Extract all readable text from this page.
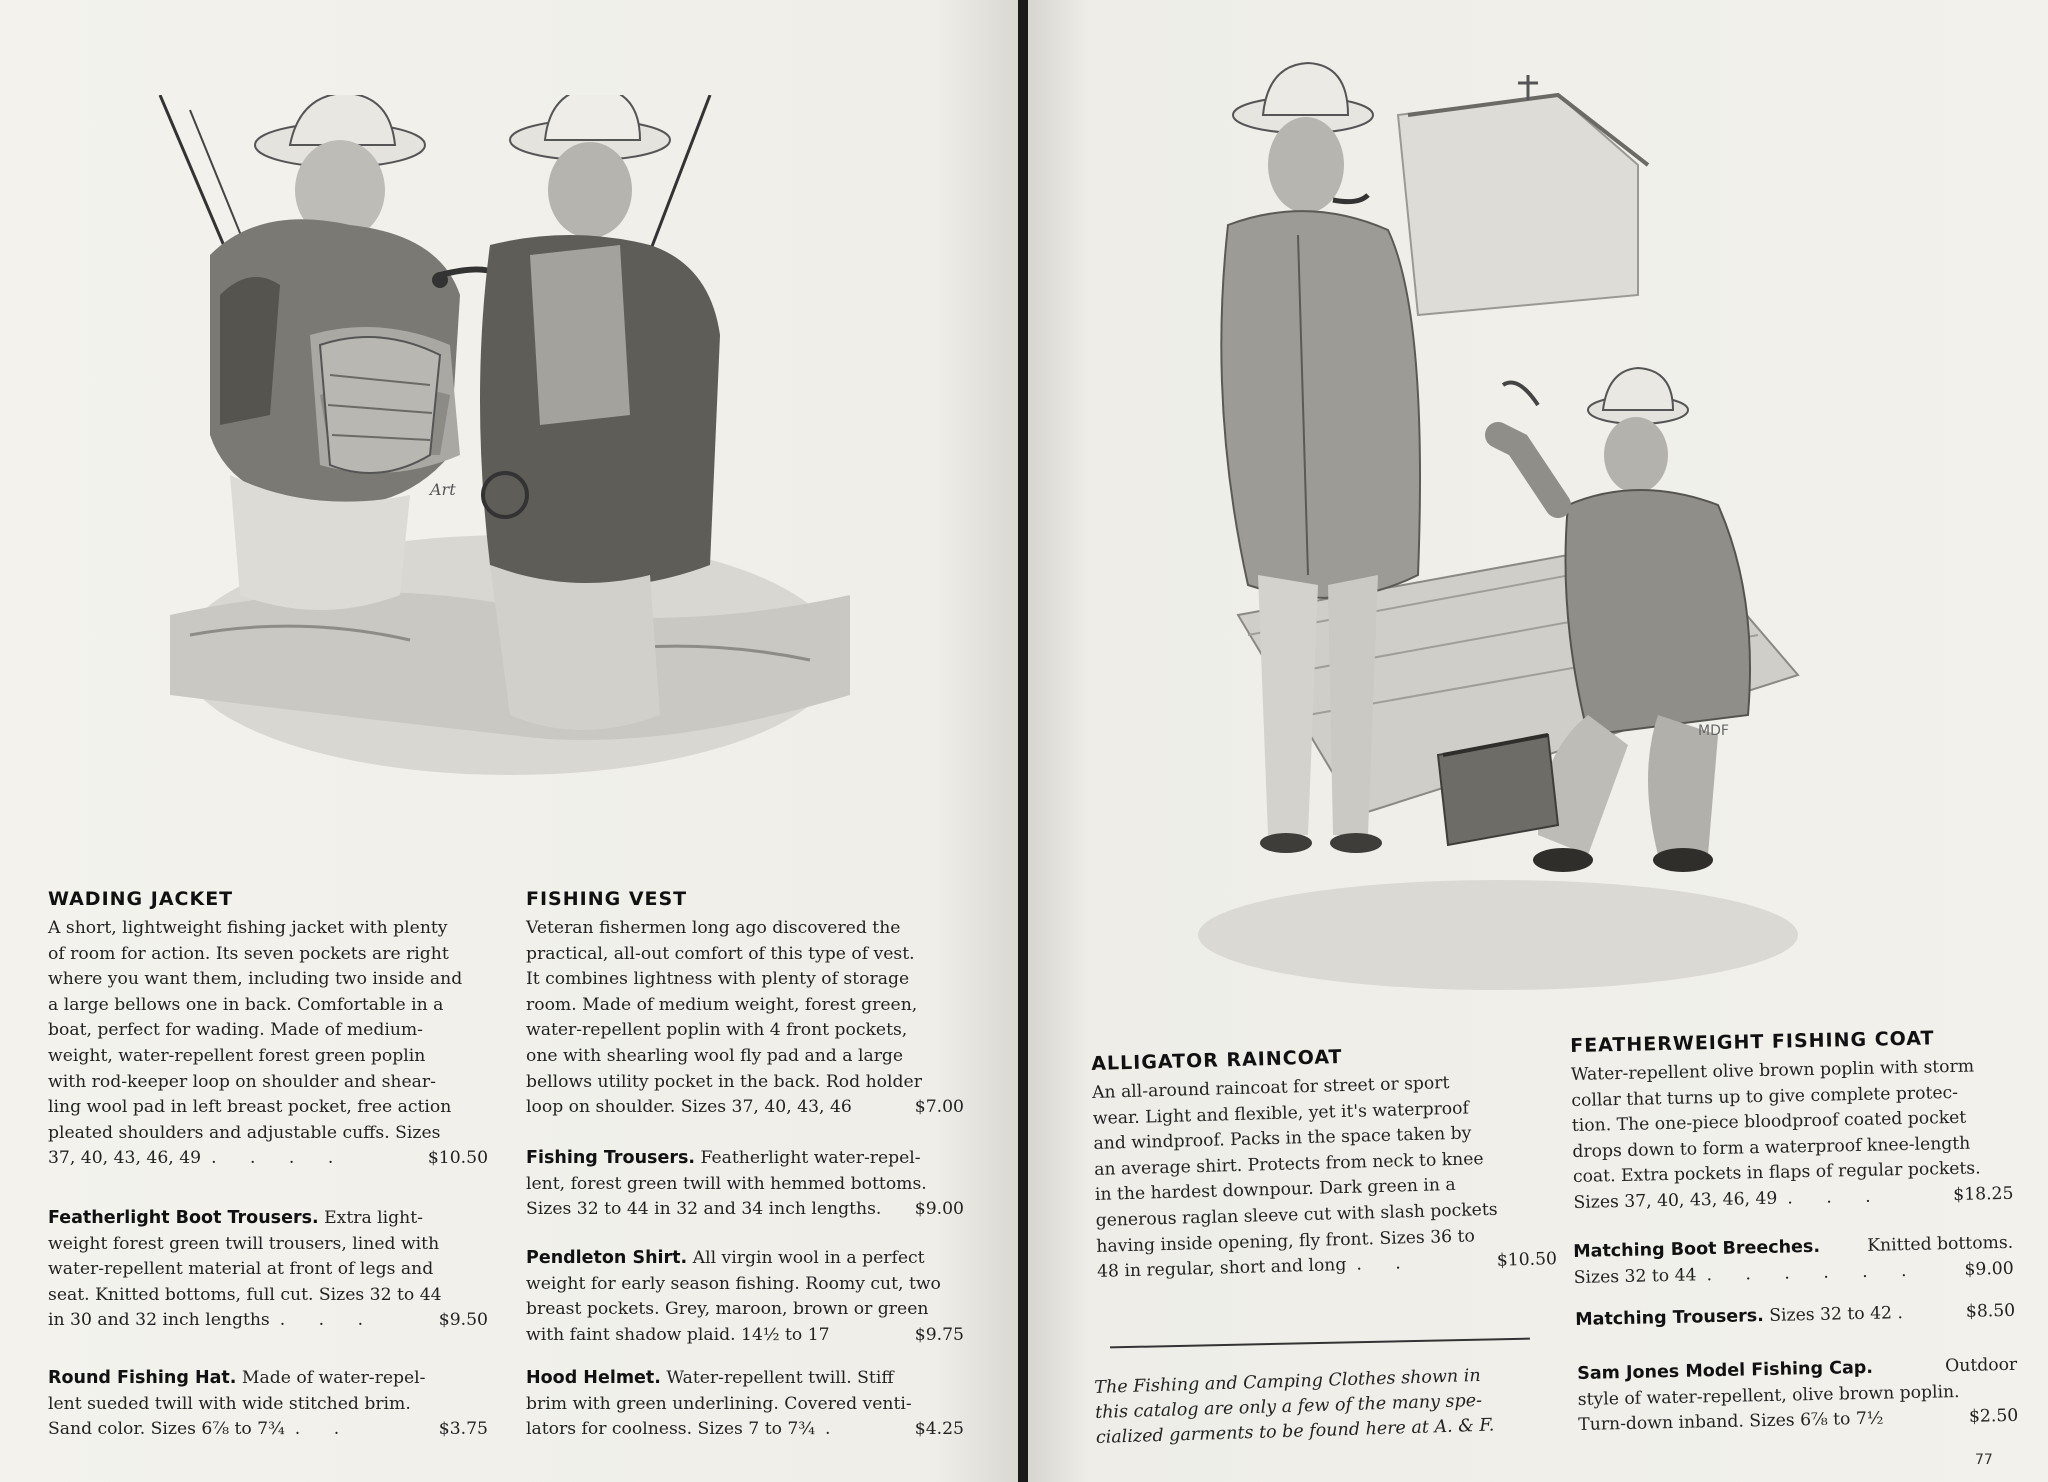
Art
WADING JACKET
A short, lightweight fishing jacket with plenty
of room for action. Its seven pockets are right
where you want them, including two inside and
a large bellows one in back. Comfortable in a
boat, perfect for wading. Made of medium-
weight, water-repellent forest green poplin
with rod-keeper loop on shoulder and shear-
ling wool pad in left breast pocket, free action
pleated shoulders and adjustable cuffs. Sizes
37, 40, 43, 46, 49 . . . .	$10.50
Featherlight Boot Trousers. Extra light-
weight forest green twill trousers, lined with
water-repellent material at front of legs and
seat. Knitted bottoms, full cut. Sizes 32 to 44
in 30 and 32 inch lengths . . .	$9.50
Round Fishing Hat. Made of water-repel-
lent sueded twill with wide stitched brim.
Sand color. Sizes 6⅞ to 7¾ . .	$3.75
FISHING VEST
Veteran fishermen long ago discovered the
practical, all-out comfort of this type of vest.
It combines lightness with plenty of storage
room. Made of medium weight, forest green,
water-repellent poplin with 4 front pockets,
one with shearling wool fly pad and a large
bellows utility pocket in the back. Rod holder
loop on shoulder. Sizes 37, 40, 43, 46	$7.00
Fishing Trousers. Featherlight water-repel-
lent, forest green twill with hemmed bottoms.
Sizes 32 to 44 in 32 and 34 inch lengths. $9.00
Pendleton Shirt. All virgin wool in a perfect
weight for early season fishing. Roomy cut, two
breast pockets. Grey, maroon, brown or green
with faint shadow plaid. 14½ to 17	$9.75
Hood Helmet. Water-repellent twill. Stiff
brim with green underlining. Covered venti-
lators for coolness. Sizes 7 to 7¾ .	$4.25
MDF
ALLIGATOR RAINCOAT
An all-around raincoat for street or sport
wear. Light and flexible, yet it's waterproof
and windproof. Packs in the space taken by
an average shirt. Protects from neck to knee
in the hardest downpour. Dark green in a
generous raglan sleeve cut with slash pockets
having inside opening, fly front. Sizes 36 to
48 in regular, short and long . .	$10.50
The Fishing and Camping Clothes shown in
this catalog are only a few of the many spe-
cialized garments to be found here at A. & F.
FEATHERWEIGHT FISHING COAT
Water-repellent olive brown poplin with storm
collar that turns up to give complete protec-
tion. The one-piece bloodproof coated pocket
drops down to form a waterproof knee-length
coat. Extra pockets in flaps of regular pockets.
Sizes 37, 40, 43, 46, 49 . . .	$18.25
Matching Boot Breeches.	Knitted bottoms.
Sizes 32 to 44 . . . . . .	$9.00
Matching Trousers. Sizes 32 to 42 .	$8.50
Sam Jones Model Fishing Cap.	Outdoor
style of water-repellent, olive brown poplin.
Turn-down inband. Sizes 6⅞ to 7½	$2.50
77
